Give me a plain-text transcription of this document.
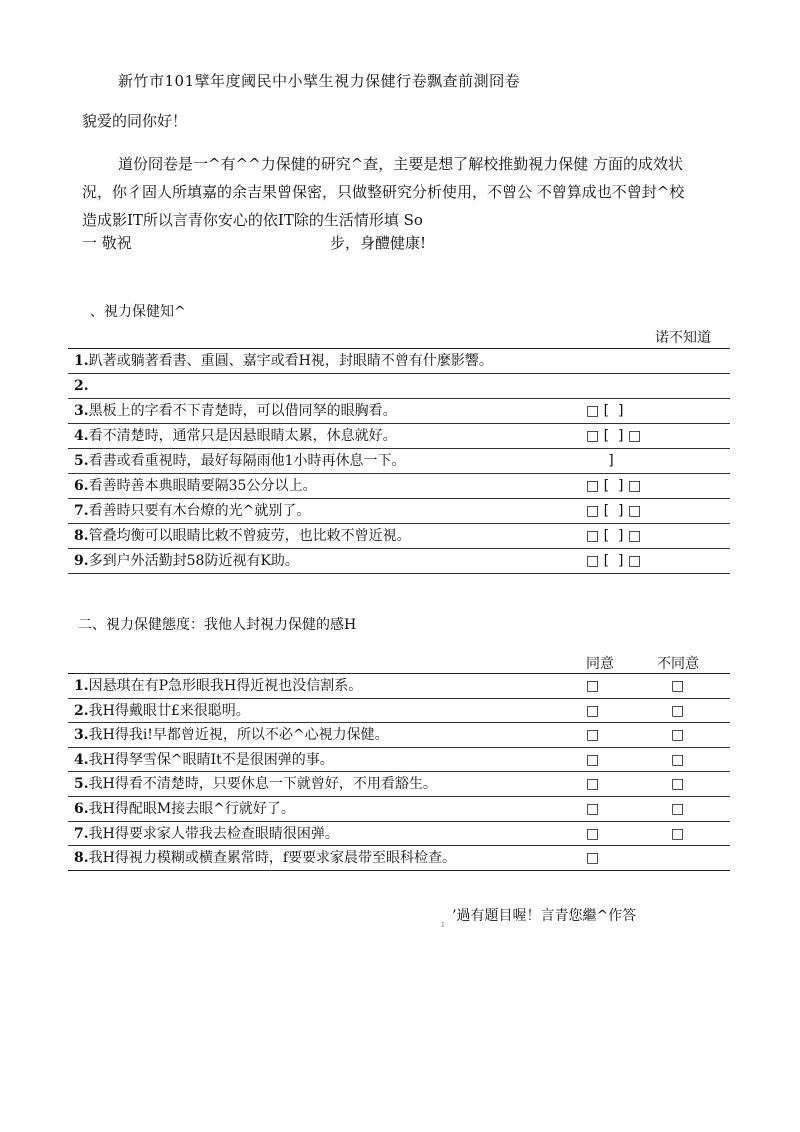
新竹市101擘年度阈民中小擘生視力保健行卷飘查前測冏卷
貌爱的同你好！
道份冏卷是一^有^^力保健的研究^查，主要是想了解校推勤視力保健 方面的成效状
況，你彳固人所填嘉的余吉果曾保密，只做整研究分析使用，不曾公 不曾算成也不曾封^校
造成影IT所以言青你安心的依IT除的生活情形填 So
一 敬祝	步，身醴健康!
、視力保健知^
诺不知道
1.趴著或躺著看書、重圓、嘉宇或看H視，封眼睛不曾有什麼影響。
2.
3.黑板上的字看不下青楚時，可以借同孥的眼胸看。	□ [  ]
4.看不清楚時，通常只是因悬眼睛太累，休息就好。	□ [  ] □
5.看書或看重視時，最好每隔雨他1小時再休息一下。	]
6.看善時善本典眼睛要隔35公分以上。	□ [  ] □
7.看善時只要有木台燎的光^就别了。	□ [  ] □
8.管叠均衡可以眼睛比敕不曾疲劳，也比敕不曾近視。	□ [  ] □
9.多到户外活勤封58防近视有K助。	□ [  ] □
二、視力保健態度：我他人封視力保健的感H
同意	不同意
1.因悬琪在有P急形眼我H得近視也没信割系。	□	□
2.我H得戴眼廿£来很聪明。	□	□
3.我H得我i!早都曾近視，所以不必^心視力保健。	□	□
4.我H得孥雪保^眼睛It不是很困弹的事。	□	□
5.我H得看不清楚時，只要休息一下就曾好，不用看豁生。	□	□
6.我H得配眼M接去眼^行就好了。	□	□
7.我H得要求家人带我去检查眼睛很困弹。	□	□
8.我H得視力模糊或横查累常時，f要要求家晨带至眼科检查。	□
’過有題目喔！言青您繼^作答
1
